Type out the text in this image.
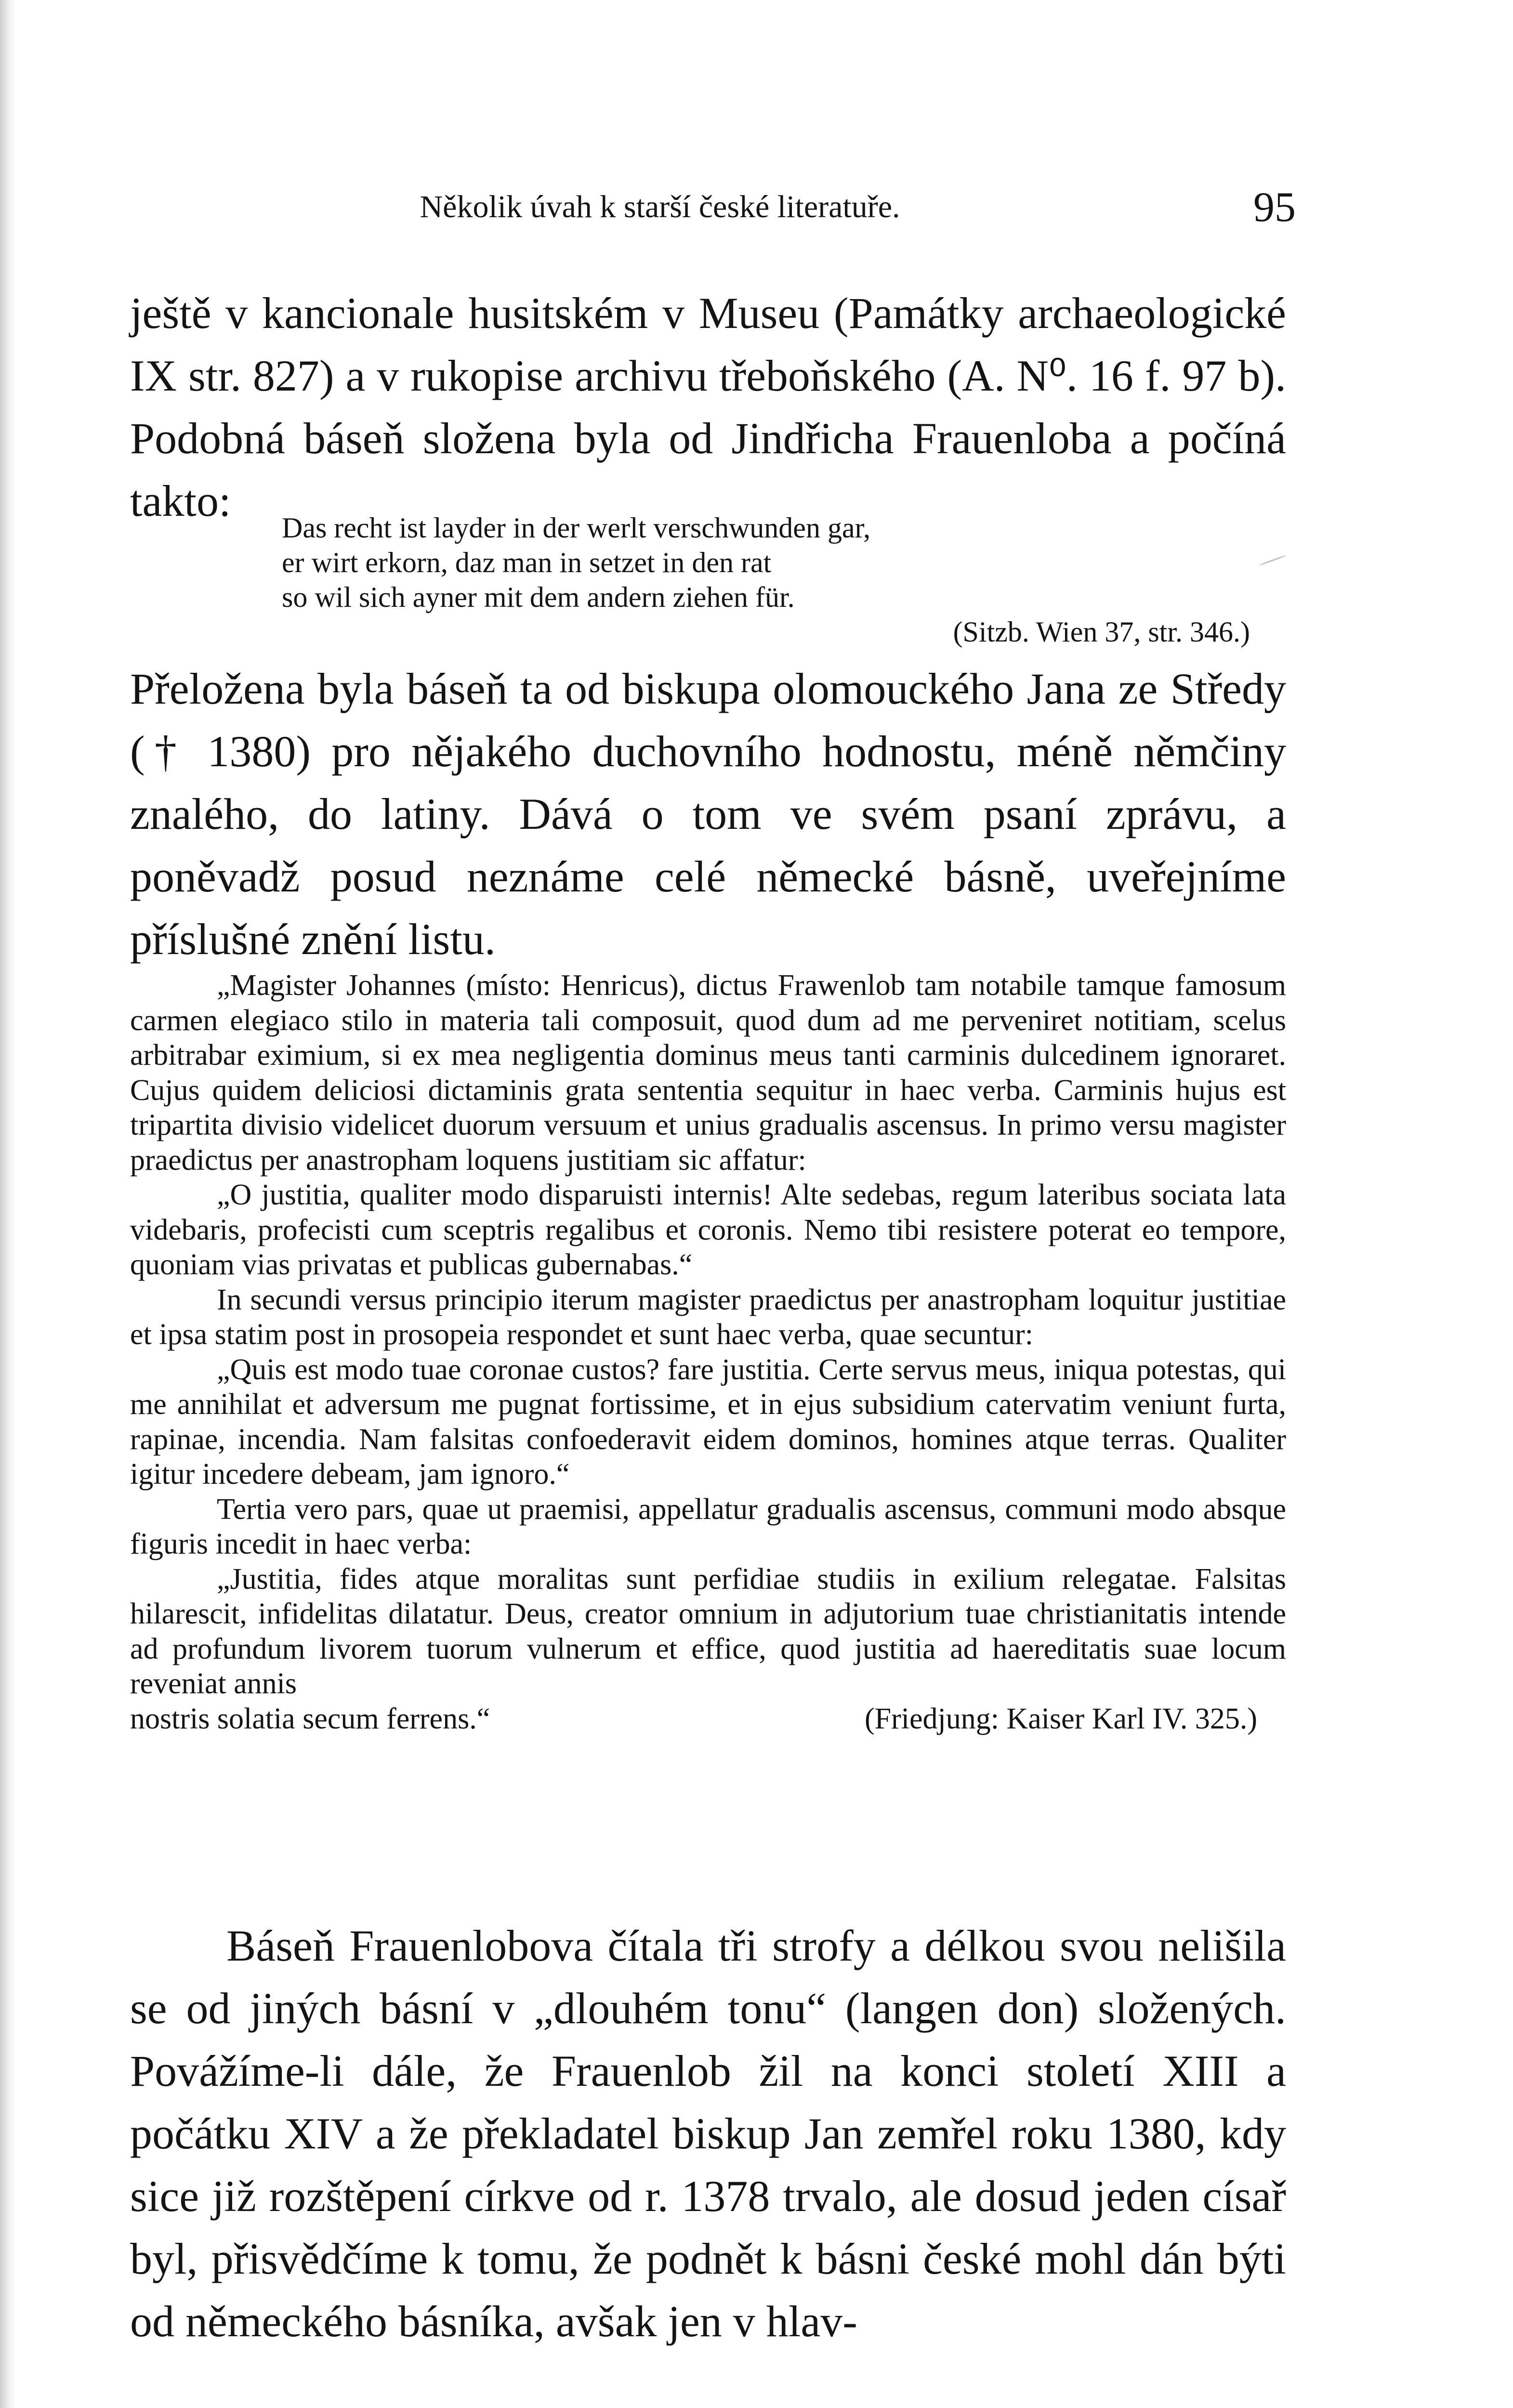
Několik úvah k starší české literatuře.	95

ještě v kancionale husitském v Museu (Památky archaeologické IX str. 827) a v rukopise archivu třeboňského (A. N⁰. 16 f. 97 b). Podobná báseň složena byla od Jindřicha Frauenloba a počíná takto:

Das recht ist layder in der werlt verschwunden gar,
er wirt erkorn, daz man in setzet in den rat
so wil sich ayner mit dem andern ziehen für.
(Sitzb. Wien 37, str. 346.)

Přeložena byla báseň ta od biskupa olomouckého Jana ze Středy († 1380) pro nějakého duchovního hodnostu, méně němčiny znalého, do latiny. Dává o tom ve svém psaní zprávu, a poněvadž posud neznáme celé německé básně, uveřejníme příslušné znění listu.

„Magister Johannes (místo: Henricus), dictus Frawenlob tam notabile tamque famosum carmen elegiaco stilo in materia tali composuit, quod dum ad me perveniret notitiam, scelus arbitrabar eximium, si ex mea negligentia dominus meus tanti carminis dulcedinem ignoraret. Cujus quidem deliciosi dictaminis grata sententia sequitur in haec verba. Carminis hujus est tripartita divisio videlicet duorum versuum et unius gradualis ascensus. In primo versu magister praedictus per anastropham loquens justitiam sic affatur:

„O justitia, qualiter modo disparuisti internis! Alte sedebas, regum lateribus sociata lata videbaris, profecisti cum sceptris regalibus et coronis. Nemo tibi resistere poterat eo tempore, quoniam vias privatas et publicas gubernabas.“

In secundi versus principio iterum magister praedictus per anastropham loquitur justitiae et ipsa statim post in prosopeia respondet et sunt haec verba, quae secuntur:

„Quis est modo tuae coronae custos? fare justitia. Certe servus meus, iniqua potestas, qui me annihilat et adversum me pugnat fortissime, et in ejus subsidium catervatim veniunt furta, rapinae, incendia. Nam falsitas confoederavit eidem dominos, homines atque terras. Qualiter igitur incedere debeam, jam ignoro.“

Tertia vero pars, quae ut praemisi, appellatur gradualis ascensus, communi modo absque figuris incedit in haec verba:

„Justitia, fides atque moralitas sunt perfidiae studiis in exilium relegatae. Falsitas hilarescit, infidelitas dilatatur. Deus, creator omnium in adjutorium tuae christianitatis intende ad profundum livorem tuorum vulnerum et effice, quod justitia ad haereditatis suae locum reveniat annis

nostris solatia secum ferrens.“	(Friedjung: Kaiser Karl IV. 325.)

Báseň Frauenlobova čítala tři strofy a délkou svou nelišila se od jiných básní v „dlouhém tonu“ (langen don) složených. Povážíme-li dále, že Frauenlob žil na konci století XIII a počátku XIV a že překladatel biskup Jan zemřel roku 1380, kdy sice již rozštěpení církve od r. 1378 trvalo, ale dosud jeden císař byl, přisvědčíme k tomu, že podnět k básni české mohl dán býti od německého básníka, avšak jen v hlav-
